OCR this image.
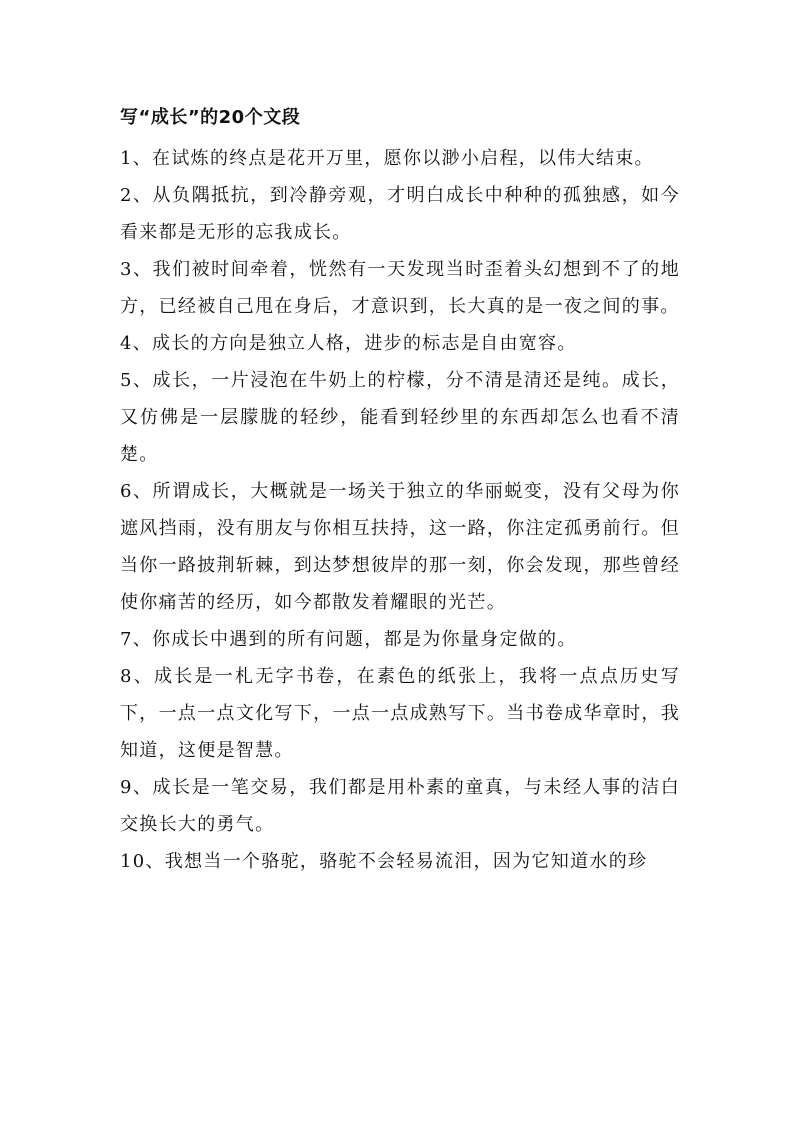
写“成长”的20个文段

1、在试炼的终点是花开万里，愿你以渺小启程，以伟大结束。

2、从负隅抵抗，到冷静旁观，才明白成长中种种的孤独感，如今看来都是无形的忘我成长。

3、我们被时间牵着，恍然有一天发现当时歪着头幻想到不了的地方，已经被自己甩在身后，才意识到，长大真的是一夜之间的事。

4、成长的方向是独立人格，进步的标志是自由宽容。

5、成长，一片浸泡在牛奶上的柠檬，分不清是清还是纯。成长，又仿佛是一层朦胧的轻纱，能看到轻纱里的东西却怎么也看不清楚。

6、所谓成长，大概就是一场关于独立的华丽蜕变，没有父母为你遮风挡雨，没有朋友与你相互扶持，这一路，你注定孤勇前行。但当你一路披荆斩棘，到达梦想彼岸的那一刻，你会发现，那些曾经使你痛苦的经历，如今都散发着耀眼的光芒。

7、你成长中遇到的所有问题，都是为你量身定做的。

8、成长是一札无字书卷，在素色的纸张上，我将一点点历史写下，一点一点文化写下，一点一点成熟写下。当书卷成华章时，我知道，这便是智慧。

9、成长是一笔交易，我们都是用朴素的童真，与未经人事的洁白交换长大的勇气。

10、我想当一个骆驼，骆驼不会轻易流泪，因为它知道水的珍
